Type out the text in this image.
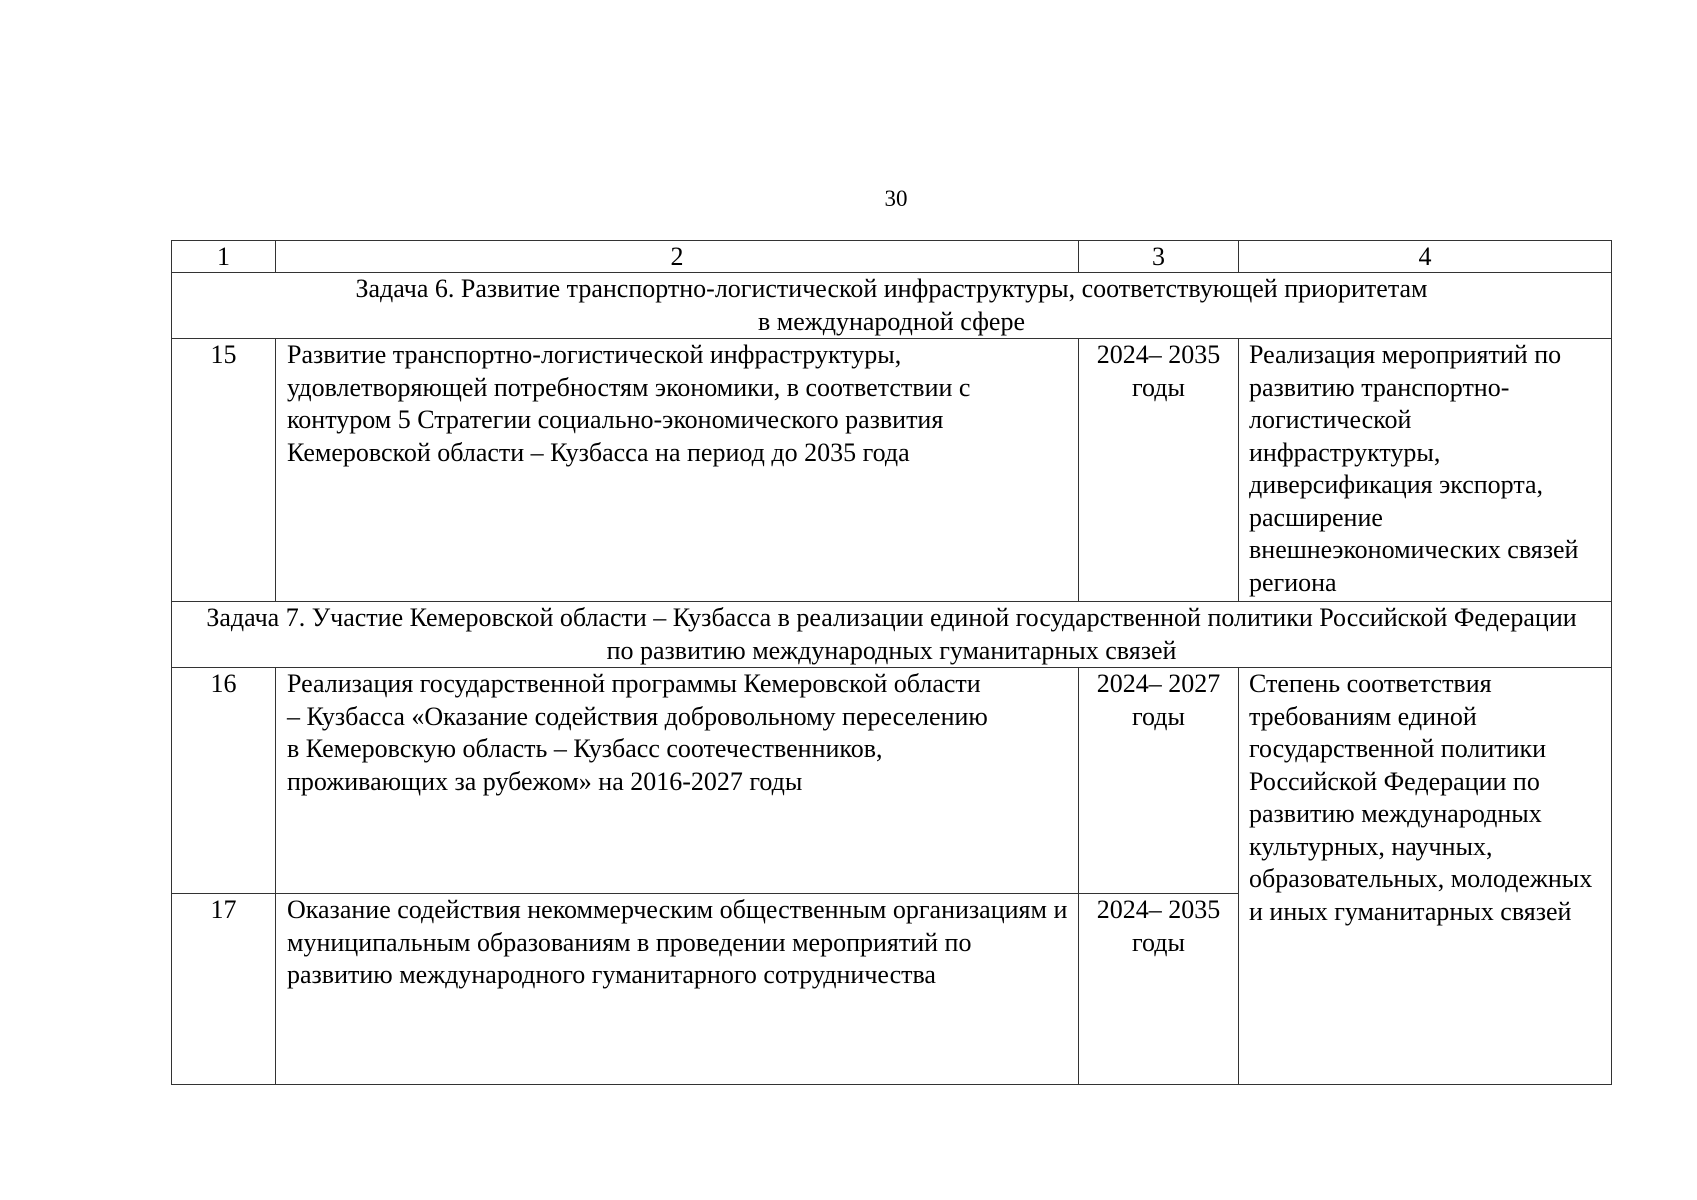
30
1	2	3	4
Задача 6. Развитие транспортно-логистической инфраструктуры, соответствующей приоритетам в международной сфере			
15	Развитие транспортно-логистической инфраструктуры, удовлетворяющей потребностям экономики, в соответствии с контуром 5 Стратегии социально-экономического развития Кемеровской области – Кузбасса на период до 2035 года	2024– 2035 годы	Реализация мероприятий по развитию транспортно-логистической инфраструктуры, диверсификация экспорта, расширение внешнеэкономических связей региона
Задача 7. Участие Кемеровской области – Кузбасса в реализации единой государственной политики Российской Федерации по развитию международных гуманитарных связей			
16	Реализация государственной программы Кемеровской области – Кузбасса «Оказание содействия добровольному переселению в Кемеровскую область – Кузбасс соотечественников, проживающих за рубежом» на 2016-2027 годы	2024– 2027 годы	Степень соответствия требованиям единой государственной политики Российской Федерации по развитию международных культурных, научных, образовательных, молодежных и иных гуманитарных связей
17	Оказание содействия некоммерческим общественным организациям и муниципальным образованиям в проведении мероприятий по развитию международного гуманитарного сотрудничества	2024– 2035 годы	
